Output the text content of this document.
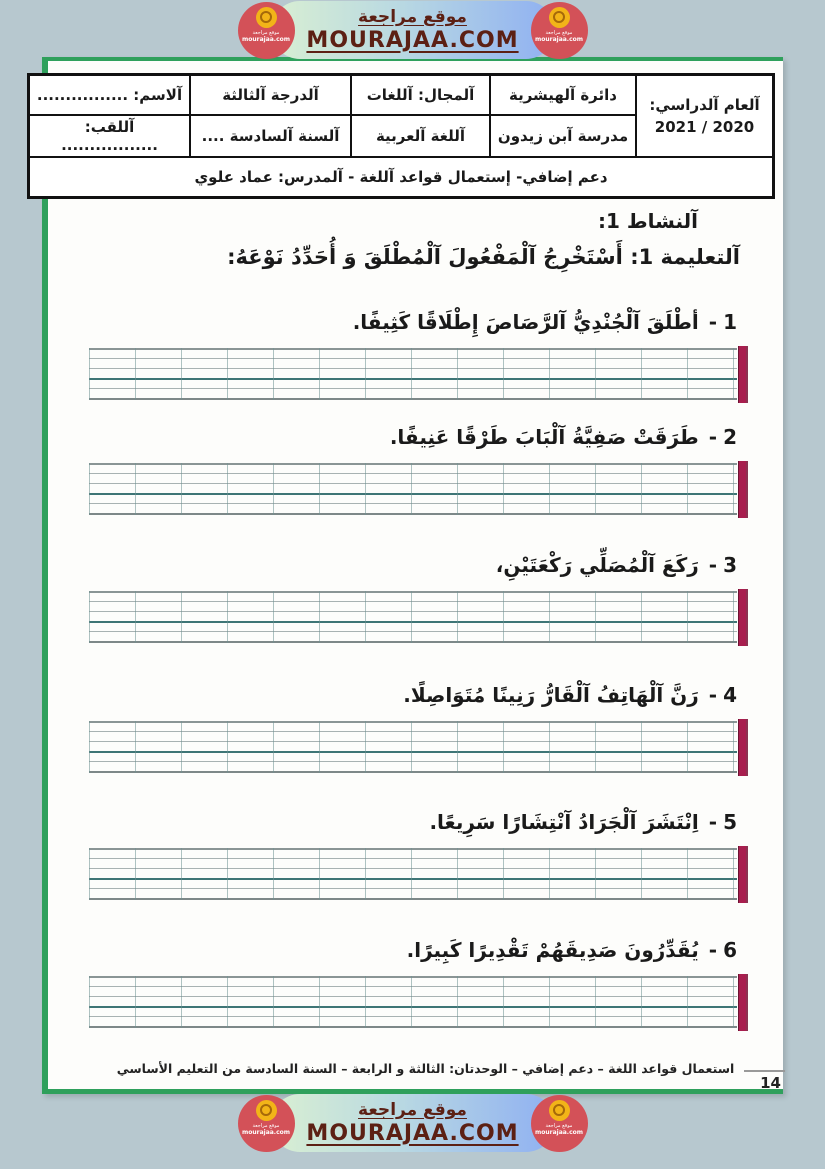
موقع مراجعة
mourajaa.com
موقع مراجعة
MOURAJAA.COM
موقع مراجعة
mourajaa.com
آلعام آلدراسي:
2021 / 2020	دائرة آلهيشرية	آلمجال: آللغات	آلدرجة آلثالثة	آلاسم: ................
	مدرسة آبن زيدون	آللغة آلعربية	آلسنة آلسادسة ....	آللقب: .................
دعم إضافي- إستعمال قواعد آللغة - آلمدرس: عماد علوي				
آلنشاط 1:
آلتعليمة 1: أَسْتَخْرِجُ آلْمَفْعُولَ آلْمُطْلَقَ وَ أُحَدِّدُ نَوْعَهُ:
1-أطْلَقَ آلْجُنْدِيُّ آلرَّصَاصَ إِطْلَاقًا كَثِيفًا.
2-طَرَقَتْ صَفِيَّةُ آلْبَابَ طَرْقًا عَنِيفًا.
3-رَكَعَ آلْمُصَلِّي رَكْعَتَيْنِ،
4-رَنَّ آلْهَاتِفُ آلْقَارُّ رَنِينًا مُتَوَاصِلًا.
5-اِنْتَشَرَ آلْجَرَادُ آنْتِشَارًا سَرِيعًا.
6-يُقَدِّرُونَ صَدِيقَهُمْ تَقْدِيرًا كَبِيرًا.
استعمال قواعد اللغة – دعم إضافي – الوحدتان: الثالثة و الرابعة – السنة السادسة من التعليم الأساسي
14
موقع مراجعة
mourajaa.com
موقع مراجعة
MOURAJAA.COM
موقع مراجعة
mourajaa.com
